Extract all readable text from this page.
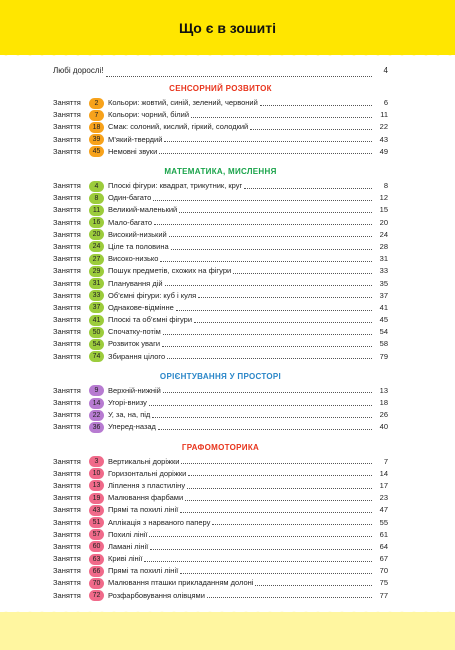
Що є в зошиті
Любі дорослі!	4
СЕНСОРНИЙ РОЗВИТОК
Заняття	2	Кольори: жовтий, синій, зелений, червоний	6
Заняття	7	Кольори: чорний, білий	11
Заняття	18	Смак: солоний, кислий, гіркий, солодкий	22
Заняття	39	М’який-твердий	43
Заняття	45	Немовні звуки	49
МАТЕМАТИКА, МИСЛЕННЯ
Заняття	4	Плоскі фігури: квадрат, трикутник, круг	8
Заняття	8	Один-багато	12
Заняття	11	Великий-маленький	15
Заняття	16	Мало-багато	20
Заняття	20	Високий-низький	24
Заняття	24	Ціле та половина	28
Заняття	27	Високо-низько	31
Заняття	29	Пошук предметів, схожих на фігури	33
Заняття	31	Планування дій	35
Заняття	33	Об’ємні фігури: куб і куля	37
Заняття	37	Однакове-відмінне	41
Заняття	41	Плоскі та об’ємні фігури	45
Заняття	50	Спочатку-потім	54
Заняття	54	Розвиток уваги	58
Заняття	74	Збирання цілого	79
ОРІЄНТУВАННЯ У ПРОСТОРІ
Заняття	9	Верхній-нижній	13
Заняття	14	Угорі-внизу	18
Заняття	22	У, за, на, під	26
Заняття	36	Уперед-назад	40
ГРАФОМОТОРИКА
Заняття	3	Вертикальні доріжки	7
Заняття	10	Горизонтальні доріжки	14
Заняття	13	Ліплення з пластиліну	17
Заняття	19	Малювання фарбами	23
Заняття	43	Прямі та похилі лінії	47
Заняття	51	Аплікація з нарваного паперу	55
Заняття	57	Похилі лінії	61
Заняття	60	Ламані лінії	64
Заняття	63	Криві лінії	67
Заняття	66	Прямі та похилі лінії	70
Заняття	70	Малювання пташки прикладанням долоні	75
Заняття	72	Розфарбовування олівцями	77
